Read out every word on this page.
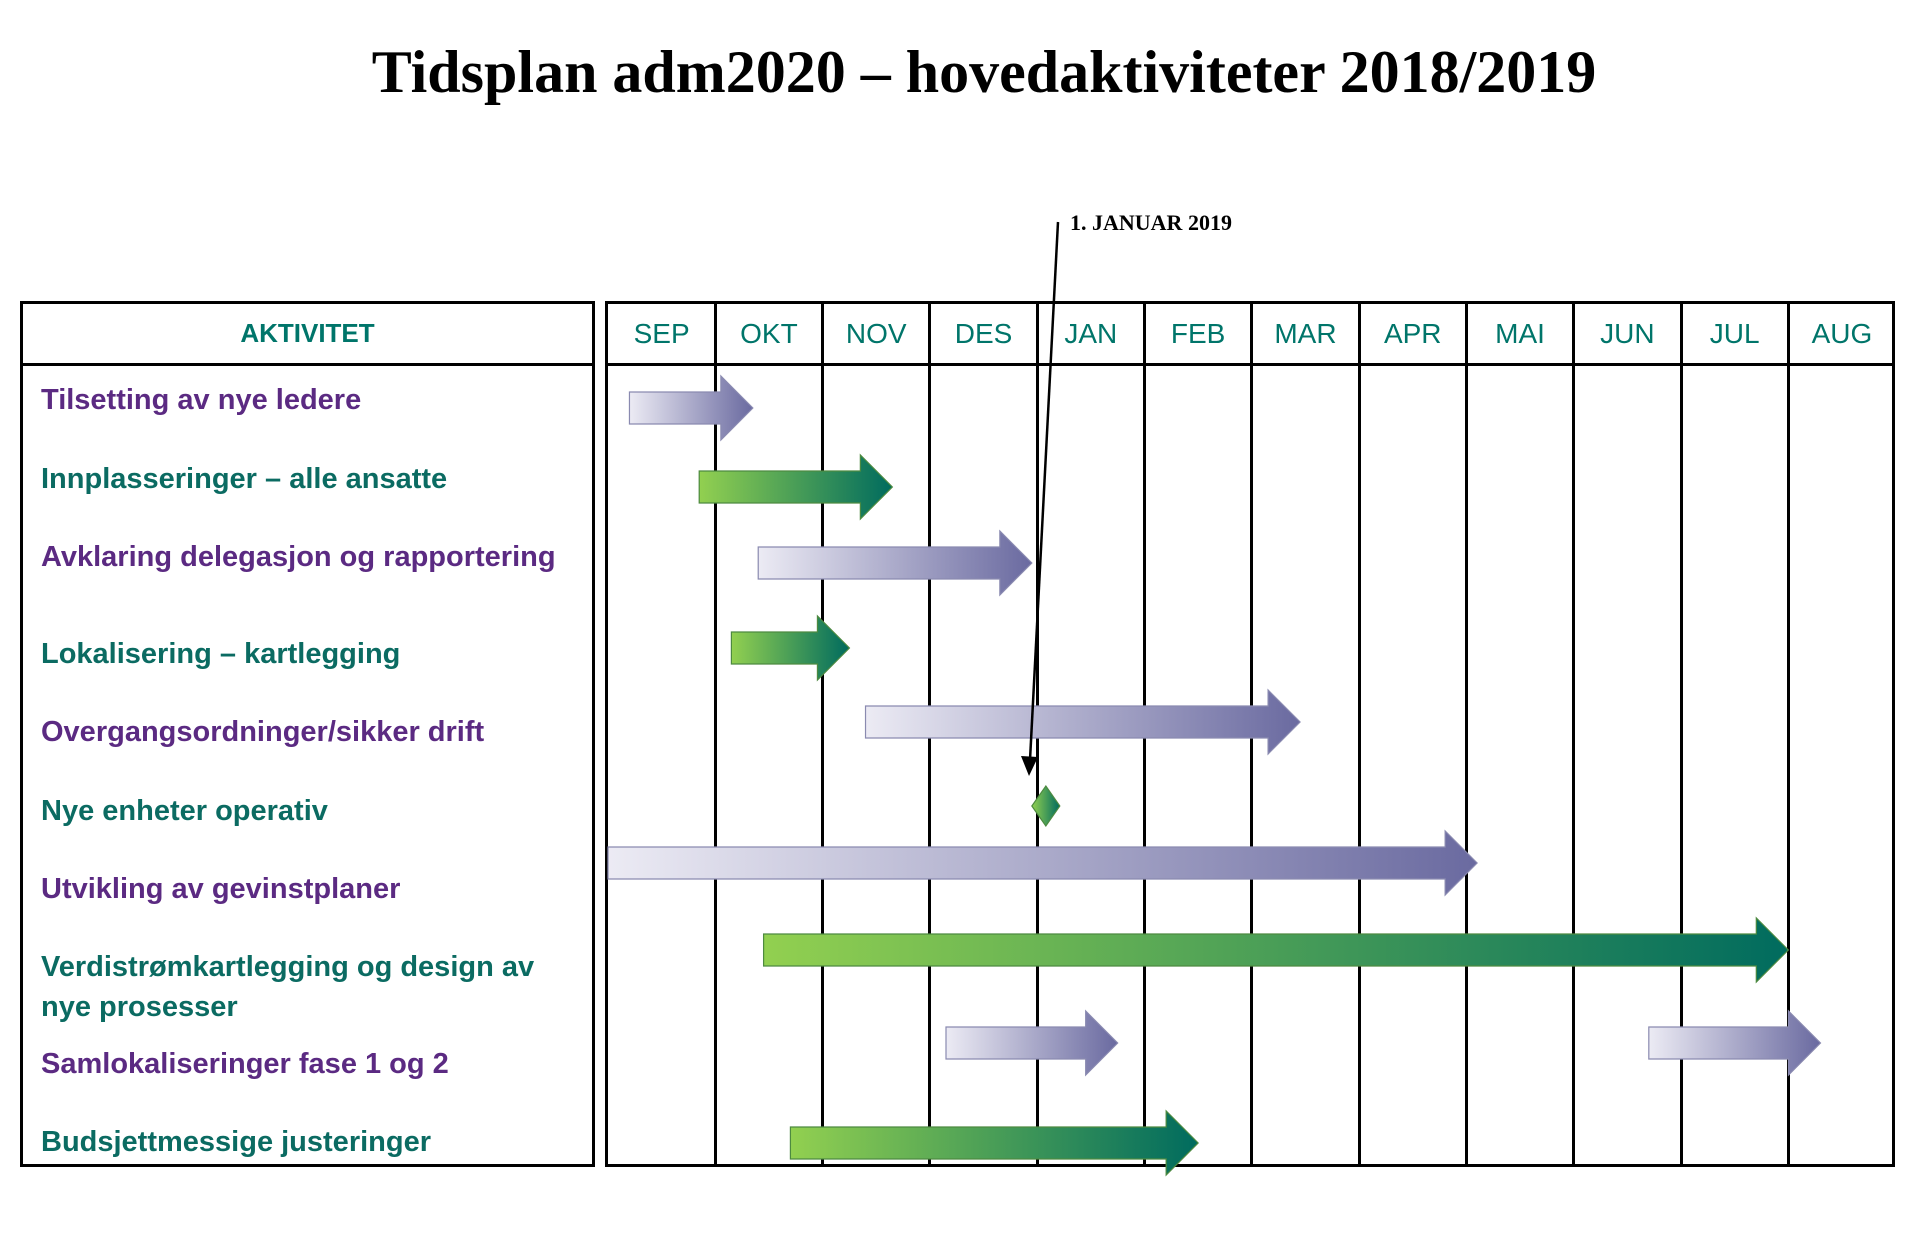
Tidsplan adm2020 – hovedaktiviteter 2018/2019
1. JANUAR 2019
AKTIVITET
Tilsetting av nye ledere
Innplasseringer – alle ansatte
Avklaring delegasjon og rapportering
Lokalisering – kartlegging
Overgangsordninger/sikker drift
Nye enheter operativ
Utvikling av gevinstplaner
Verdistrømkartlegging og design av nye prosesser
Samlokaliseringer fase 1 og 2
Budsjettmessige justeringer
SEP	OKT	NOV	DES	JAN	FEB	MAR	APR	MAI	JUN	JUL	AUG
